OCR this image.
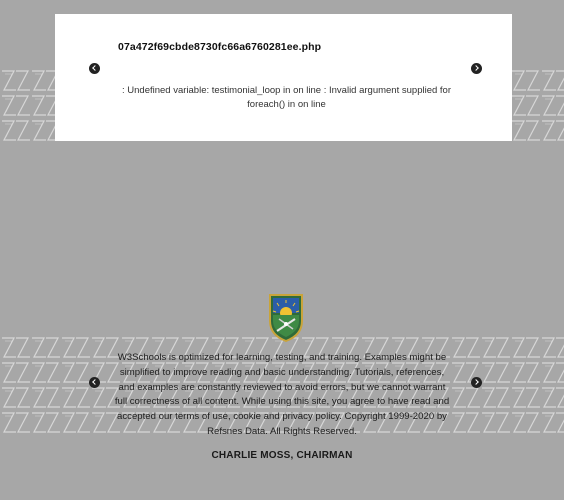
07a472f69cbde8730fc66a6760281ee.php
: Undefined variable: testimonial_loop in on line : Invalid argument supplied for foreach() in on line
W3Schools is optimized for learning, testing, and training. Examples might be simplified to improve reading and basic understanding. Tutorials, references, and examples are constantly reviewed to avoid errors, but we cannot warrant full correctness of all content. While using this site, you agree to have read and accepted our terms of use, cookie and privacy policy. Copyright 1999-2020 by Refsnes Data. All Rights Reserved.
CHARLIE MOSS, CHAIRMAN
